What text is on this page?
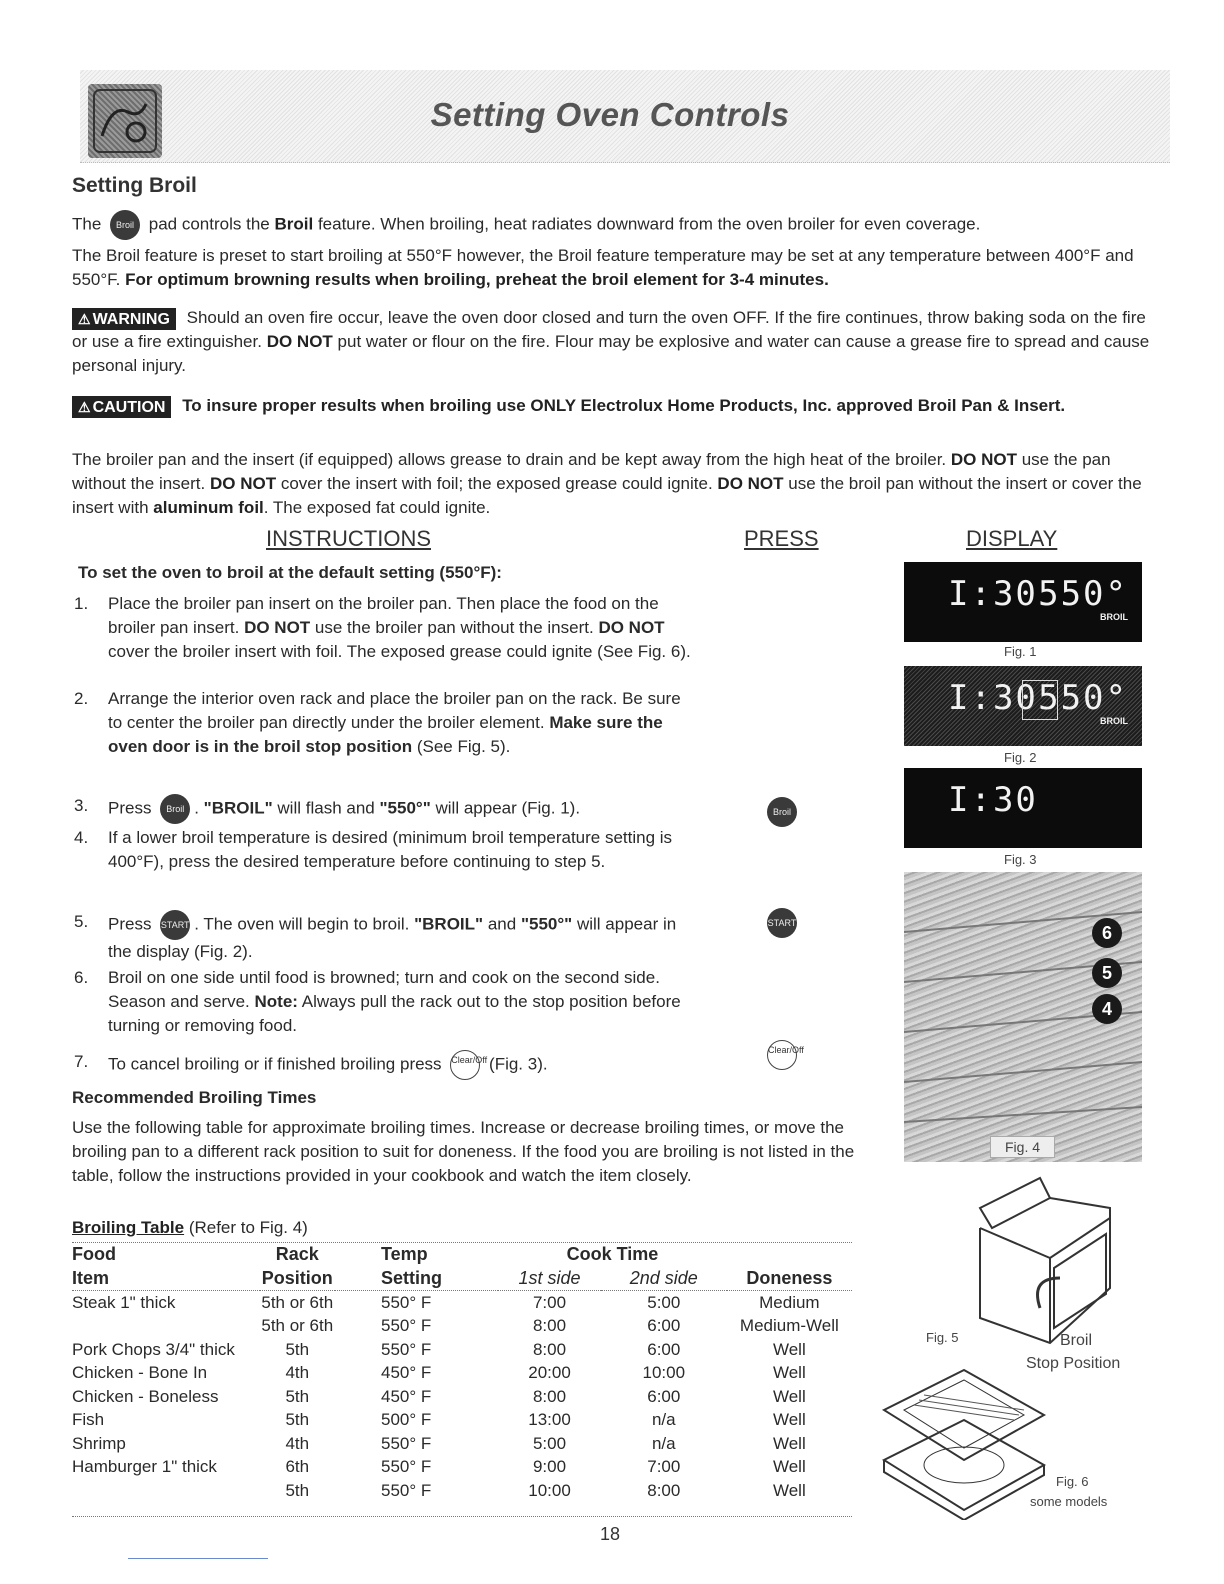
Setting Oven Controls
Setting Broil
The Broil pad controls the Broil feature. When broiling, heat radiates downward from the oven broiler for even coverage.
The Broil feature is preset to start broiling at 550°F however, the Broil feature temperature may be set at any temperature between 400°F and 550°F. For optimum browning results when broiling, preheat the broil element for 3-4 minutes.
⚠ WARNING Should an oven fire occur, leave the oven door closed and turn the oven OFF. If the fire continues, throw baking soda on the fire or use a fire extinguisher. DO NOT put water or flour on the fire. Flour may be explosive and water can cause a grease fire to spread and cause personal injury.
⚠ CAUTION To insure proper results when broiling use ONLY Electrolux Home Products, Inc. approved Broil Pan & Insert.
The broiler pan and the insert (if equipped) allows grease to drain and be kept away from the high heat of the broiler. DO NOT use the pan without the insert. DO NOT cover the insert with foil; the exposed grease could ignite. DO NOT use the broil pan without the insert or cover the insert with aluminum foil. The exposed fat could ignite.
INSTRUCTIONS	PRESS	DISPLAY
To set the oven to broil at the default setting (550°F):
1. Place the broiler pan insert on the broiler pan. Then place the food on the broiler pan insert. DO NOT use the broiler pan without the insert. DO NOT cover the broiler insert with foil. The exposed grease could ignite (See Fig. 6).
2. Arrange the interior oven rack and place the broiler pan on the rack. Be sure to center the broiler pan directly under the broiler element. Make sure the oven door is in the broil stop position (See Fig. 5).
3. Press Broil . "BROIL" will flash and "550°" will appear (Fig. 1).
4. If a lower broil temperature is desired (minimum broil temperature setting is 400°F), press the desired temperature before continuing to step 5.
5. Press START . The oven will begin to broil. "BROIL" and "550°" will appear in the display (Fig. 2).
6. Broil on one side until food is browned; turn and cook on the second side. Season and serve. Note: Always pull the rack out to the stop position before turning or removing food.
7. To cancel broiling or if finished broiling press Clear/Off (Fig. 3).
Broil
START
Clear/Off
I:30 550°
BROIL
Fig. 1
I:30 550°
BROIL
Fig. 2
I:30
Fig. 3
6
5
4
Fig. 4
Fig. 5	Broil
Stop Position
Fig. 6
some models
Recommended Broiling Times
Use the following table for approximate broiling times. Increase or decrease broiling times, or move the broiling pan to a different rack position to suit for doneness. If the food you are broiling is not listed in the table, follow the instructions provided in your cookbook and watch the item closely.
Broiling Table (Refer to Fig. 4)
Food	Rack	Temp	Cook Time		
Item	Position	Setting	1st side	2nd side	Doneness
Steak 1" thick	5th or 6th	550° F	7:00	5:00	Medium
	5th or 6th	550° F	8:00	6:00	Medium-Well
Pork Chops 3/4" thick	5th	550° F	8:00	6:00	Well
Chicken - Bone In	4th	450° F	20:00	10:00	Well
Chicken - Boneless	5th	450° F	8:00	6:00	Well
Fish	5th	500° F	13:00	n/a	Well
Shrimp	4th	550° F	5:00	n/a	Well
Hamburger 1" thick	6th	550° F	9:00	7:00	Well
	5th	550° F	10:00	8:00	Well
18
